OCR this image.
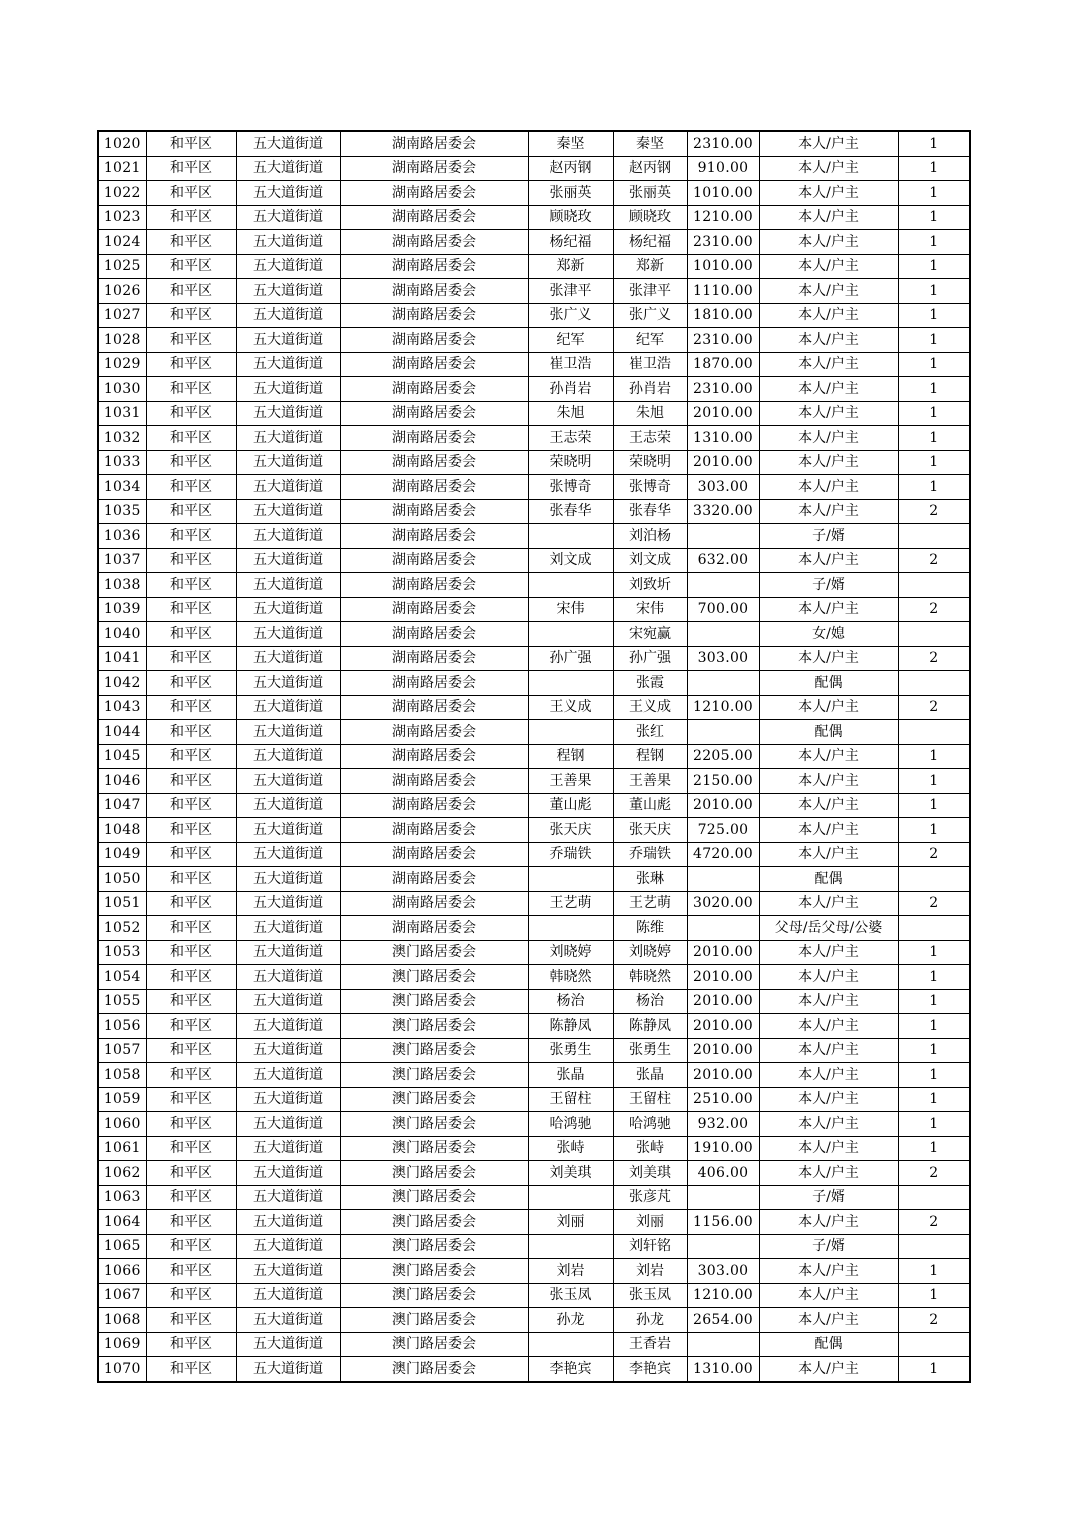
1020	和平区	五大道街道	湖南路居委会	秦坚	秦坚	2310.00	本人/户主	1
1021	和平区	五大道街道	湖南路居委会	赵丙钢	赵丙钢	910.00	本人/户主	1
1022	和平区	五大道街道	湖南路居委会	张丽英	张丽英	1010.00	本人/户主	1
1023	和平区	五大道街道	湖南路居委会	顾晓玫	顾晓玫	1210.00	本人/户主	1
1024	和平区	五大道街道	湖南路居委会	杨纪福	杨纪福	2310.00	本人/户主	1
1025	和平区	五大道街道	湖南路居委会	郑新	郑新	1010.00	本人/户主	1
1026	和平区	五大道街道	湖南路居委会	张津平	张津平	1110.00	本人/户主	1
1027	和平区	五大道街道	湖南路居委会	张广义	张广义	1810.00	本人/户主	1
1028	和平区	五大道街道	湖南路居委会	纪军	纪军	2310.00	本人/户主	1
1029	和平区	五大道街道	湖南路居委会	崔卫浩	崔卫浩	1870.00	本人/户主	1
1030	和平区	五大道街道	湖南路居委会	孙肖岩	孙肖岩	2310.00	本人/户主	1
1031	和平区	五大道街道	湖南路居委会	朱旭	朱旭	2010.00	本人/户主	1
1032	和平区	五大道街道	湖南路居委会	王志荣	王志荣	1310.00	本人/户主	1
1033	和平区	五大道街道	湖南路居委会	荣晓明	荣晓明	2010.00	本人/户主	1
1034	和平区	五大道街道	湖南路居委会	张博奇	张博奇	303.00	本人/户主	1
1035	和平区	五大道街道	湖南路居委会	张春华	张春华	3320.00	本人/户主	2
1036	和平区	五大道街道	湖南路居委会		刘泊杨		子/婿	
1037	和平区	五大道街道	湖南路居委会	刘文成	刘文成	632.00	本人/户主	2
1038	和平区	五大道街道	湖南路居委会		刘致圻		子/婿	
1039	和平区	五大道街道	湖南路居委会	宋伟	宋伟	700.00	本人/户主	2
1040	和平区	五大道街道	湖南路居委会		宋宛赢		女/媳	
1041	和平区	五大道街道	湖南路居委会	孙广强	孙广强	303.00	本人/户主	2
1042	和平区	五大道街道	湖南路居委会		张霞		配偶	
1043	和平区	五大道街道	湖南路居委会	王义成	王义成	1210.00	本人/户主	2
1044	和平区	五大道街道	湖南路居委会		张红		配偶	
1045	和平区	五大道街道	湖南路居委会	程钢	程钢	2205.00	本人/户主	1
1046	和平区	五大道街道	湖南路居委会	王善果	王善果	2150.00	本人/户主	1
1047	和平区	五大道街道	湖南路居委会	董山彪	董山彪	2010.00	本人/户主	1
1048	和平区	五大道街道	湖南路居委会	张天庆	张天庆	725.00	本人/户主	1
1049	和平区	五大道街道	湖南路居委会	乔瑞铁	乔瑞铁	4720.00	本人/户主	2
1050	和平区	五大道街道	湖南路居委会		张琳		配偶	
1051	和平区	五大道街道	湖南路居委会	王艺萌	王艺萌	3020.00	本人/户主	2
1052	和平区	五大道街道	湖南路居委会		陈维		父母/岳父母/公婆	
1053	和平区	五大道街道	澳门路居委会	刘晓婷	刘晓婷	2010.00	本人/户主	1
1054	和平区	五大道街道	澳门路居委会	韩晓然	韩晓然	2010.00	本人/户主	1
1055	和平区	五大道街道	澳门路居委会	杨治	杨治	2010.00	本人/户主	1
1056	和平区	五大道街道	澳门路居委会	陈静凤	陈静凤	2010.00	本人/户主	1
1057	和平区	五大道街道	澳门路居委会	张勇生	张勇生	2010.00	本人/户主	1
1058	和平区	五大道街道	澳门路居委会	张晶	张晶	2010.00	本人/户主	1
1059	和平区	五大道街道	澳门路居委会	王留柱	王留柱	2510.00	本人/户主	1
1060	和平区	五大道街道	澳门路居委会	哈鸿驰	哈鸿驰	932.00	本人/户主	1
1061	和平区	五大道街道	澳门路居委会	张峙	张峙	1910.00	本人/户主	1
1062	和平区	五大道街道	澳门路居委会	刘美琪	刘美琪	406.00	本人/户主	2
1063	和平区	五大道街道	澳门路居委会		张彦芃		子/婿	
1064	和平区	五大道街道	澳门路居委会	刘丽	刘丽	1156.00	本人/户主	2
1065	和平区	五大道街道	澳门路居委会		刘轩铭		子/婿	
1066	和平区	五大道街道	澳门路居委会	刘岩	刘岩	303.00	本人/户主	1
1067	和平区	五大道街道	澳门路居委会	张玉凤	张玉凤	1210.00	本人/户主	1
1068	和平区	五大道街道	澳门路居委会	孙龙	孙龙	2654.00	本人/户主	2
1069	和平区	五大道街道	澳门路居委会		王香岩		配偶	
1070	和平区	五大道街道	澳门路居委会	李艳宾	李艳宾	1310.00	本人/户主	1
